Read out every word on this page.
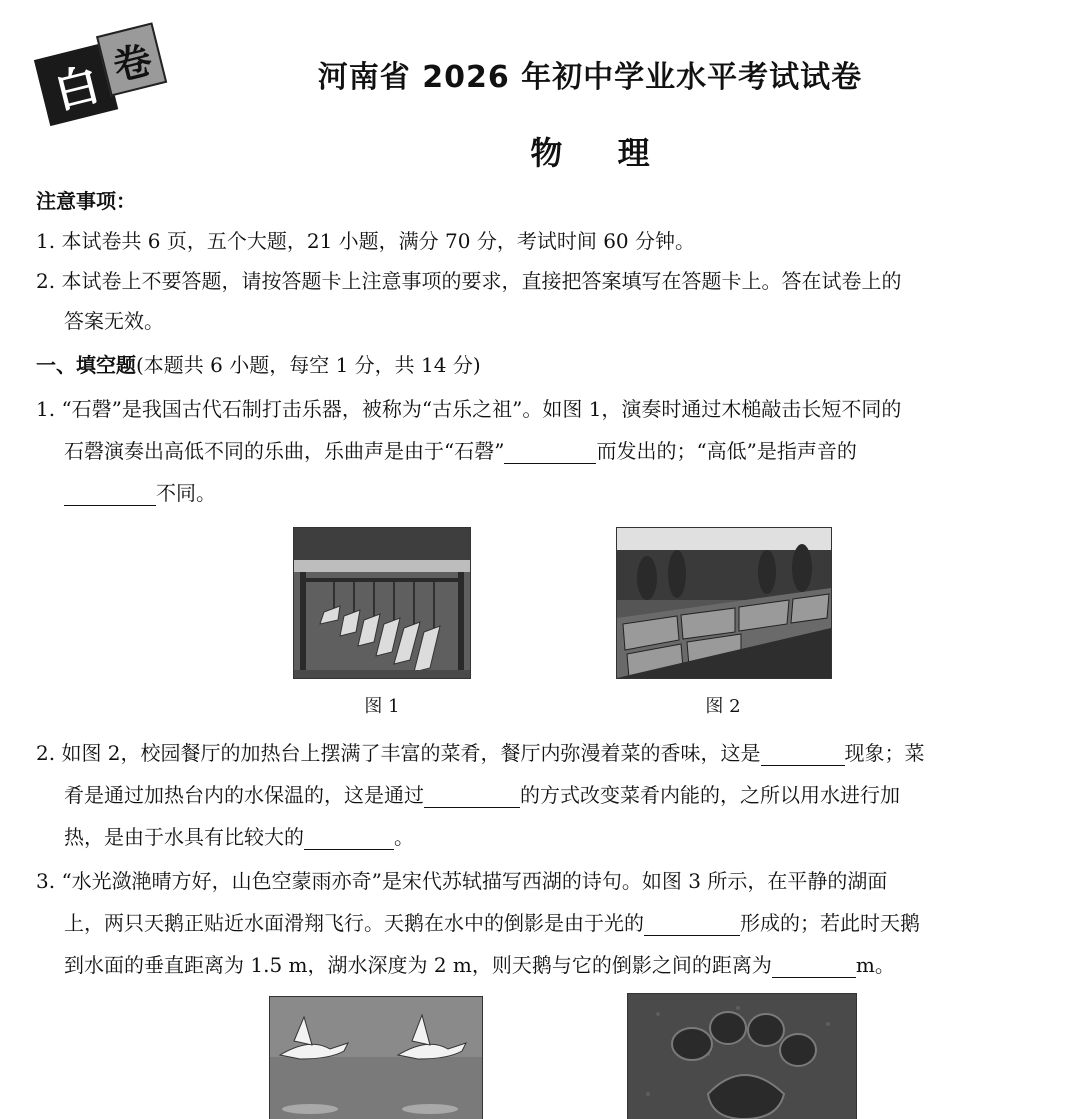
白 卷	河南省 2026 年初中学业水平考试试卷
物 理
注意事项：
1. 本试卷共 6 页，五个大题，21 小题，满分 70 分，考试时间 60 分钟。
2. 本试卷上不要答题，请按答题卡上注意事项的要求，直接把答案填写在答题卡上。答在试卷上的
答案无效。
一、填空题(本题共 6 小题，每空 1 分，共 14 分)
1. “石磬”是我国古代石制打击乐器，被称为“古乐之祖”。如图 1，演奏时通过木槌敲击长短不同的
石磬演奏出高低不同的乐曲，乐曲声是由于“石磬”	而发出的；“高低”是指声音的
不同。
图 1	图 2
2. 如图 2，校园餐厅的加热台上摆满了丰富的菜肴，餐厅内弥漫着菜的香味，这是	现象；菜
肴是通过加热台内的水保温的，这是通过	的方式改变菜肴内能的，之所以用水进行加
热，是由于水具有比较大的	。
3. “水光潋滟晴方好，山色空蒙雨亦奇”是宋代苏轼描写西湖的诗句。如图 3 所示，在平静的湖面
上，两只天鹅正贴近水面滑翔飞行。天鹅在水中的倒影是由于光的	形成的；若此时天鹅
到水面的垂直距离为 1.5 m，湖水深度为 2 m，则天鹅与它的倒影之间的距离为	m。
